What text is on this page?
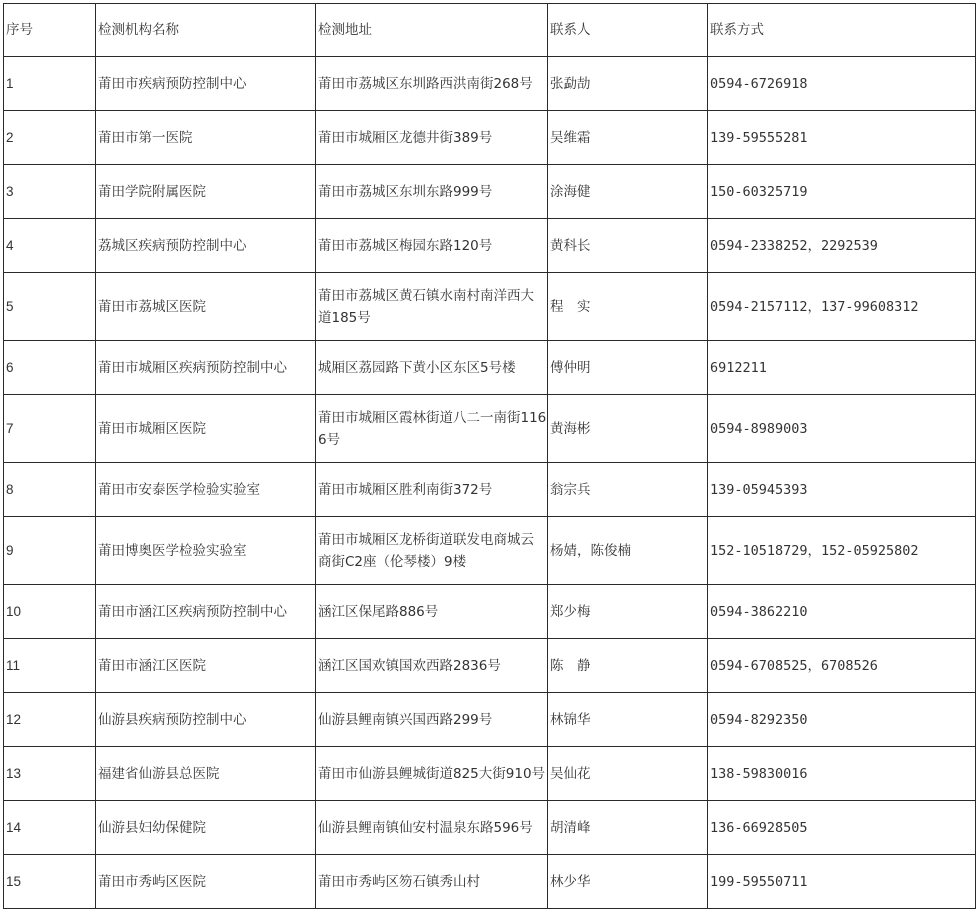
序号	检测机构名称	检测地址	联系人	联系方式
1	莆田市疾病预防控制中心	莆田市荔城区东圳路西洪南街268号	张勐劼	0594-6726918
2	莆田市第一医院	莆田市城厢区龙德井街389号	吴维霜	139-59555281
3	莆田学院附属医院	莆田市荔城区东圳东路999号	涂海健	150-60325719
4	荔城区疾病预防控制中心	莆田市荔城区梅园东路120号	黄科长	0594-2338252，2292539
5	莆田市荔城区医院	莆田市荔城区黄石镇水南村南洋西大道185号	程　实	0594-2157112，137-99608312
6	莆田市城厢区疾病预防控制中心	城厢区荔园路下黄小区东区5号楼	傅仲明	6912211
7	莆田市城厢区医院	莆田市城厢区霞林街道八二一南街1166号	黄海彬	0594-8989003
8	莆田市安泰医学检验实验室	莆田市城厢区胜利南街372号	翁宗兵	139-05945393
9	莆田博奥医学检验实验室	莆田市城厢区龙桥街道联发电商城云商街C2座（伦琴楼）9楼	杨婧，陈俊楠	152-10518729，152-05925802
10	莆田市涵江区疾病预防控制中心	涵江区保尾路886号	郑少梅	0594-3862210
11	莆田市涵江区医院	涵江区国欢镇国欢西路2836号	陈　静	0594-6708525，6708526
12	仙游县疾病预防控制中心	仙游县鲤南镇兴国西路299号	林锦华	0594-8292350
13	福建省仙游县总医院	莆田市仙游县鲤城街道825大街910号	吴仙花	138-59830016
14	仙游县妇幼保健院	仙游县鲤南镇仙安村温泉东路596号	胡清峰	136-66928505
15	莆田市秀屿区医院	莆田市秀屿区笏石镇秀山村	林少华	199-59550711
